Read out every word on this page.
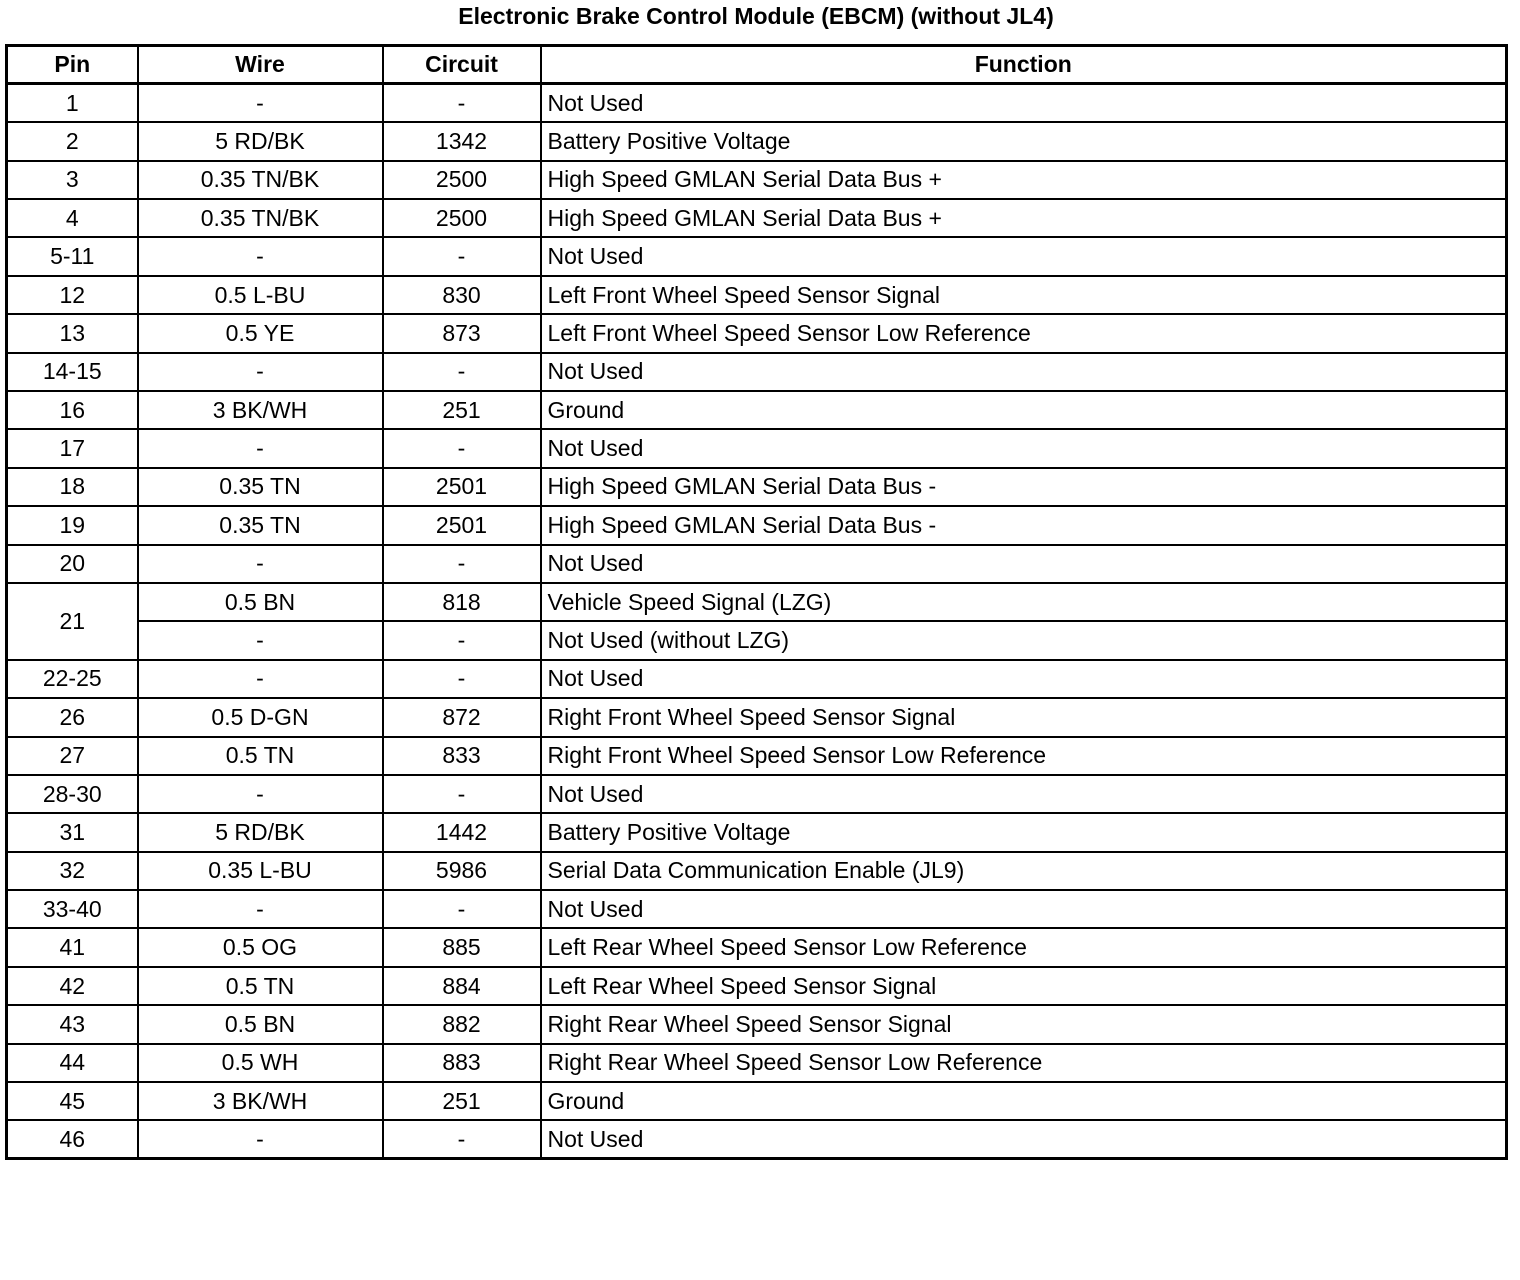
Electronic Brake Control Module (EBCM) (without JL4)
Pin	Wire	Circuit	Function
1	-	-	Not Used
2	5 RD/BK	1342	Battery Positive Voltage
3	0.35 TN/BK	2500	High Speed GMLAN Serial Data Bus +
4	0.35 TN/BK	2500	High Speed GMLAN Serial Data Bus +
5-11	-	-	Not Used
12	0.5 L-BU	830	Left Front Wheel Speed Sensor Signal
13	0.5 YE	873	Left Front Wheel Speed Sensor Low Reference
14-15	-	-	Not Used
16	3 BK/WH	251	Ground
17	-	-	Not Used
18	0.35 TN	2501	High Speed GMLAN Serial Data Bus -
19	0.35 TN	2501	High Speed GMLAN Serial Data Bus -
20	-	-	Not Used
21	0.5 BN	818	Vehicle Speed Signal (LZG)
	-	-	Not Used (without LZG)
22-25	-	-	Not Used
26	0.5 D-GN	872	Right Front Wheel Speed Sensor Signal
27	0.5 TN	833	Right Front Wheel Speed Sensor Low Reference
28-30	-	-	Not Used
31	5 RD/BK	1442	Battery Positive Voltage
32	0.35 L-BU	5986	Serial Data Communication Enable (JL9)
33-40	-	-	Not Used
41	0.5 OG	885	Left Rear Wheel Speed Sensor Low Reference
42	0.5 TN	884	Left Rear Wheel Speed Sensor Signal
43	0.5 BN	882	Right Rear Wheel Speed Sensor Signal
44	0.5 WH	883	Right Rear Wheel Speed Sensor Low Reference
45	3 BK/WH	251	Ground
46	-	-	Not Used
